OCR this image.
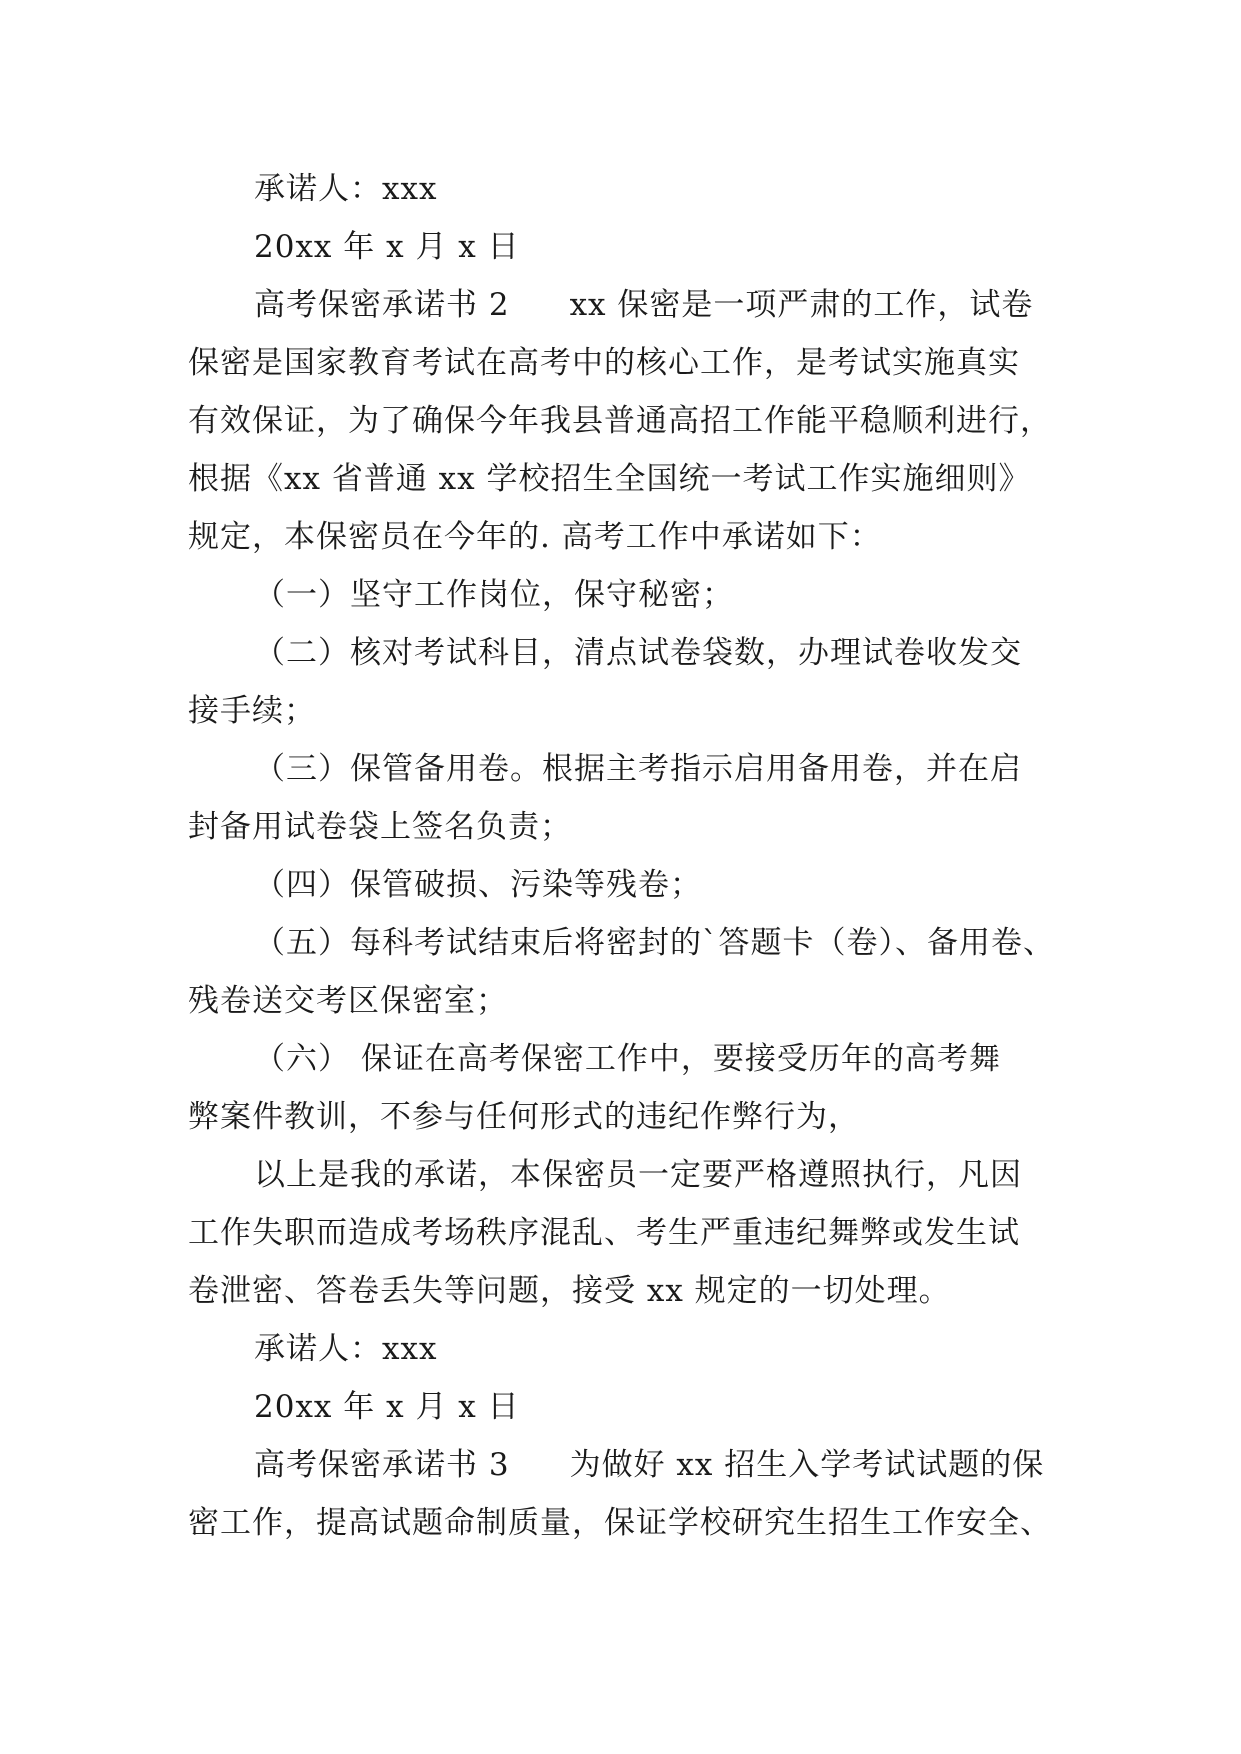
承诺人：xxx
20xx 年 x 月 x 日
高考保密承诺书 2 xx 保密是一项严肃的工作，试卷
保密是国家教育考试在高考中的核心工作，是考试实施真实
有效保证，为了确保今年我县普通高招工作能平稳顺利进行，
根据《xx 省普通 xx 学校招生全国统一考试工作实施细则》
规定，本保密员在今年的. 高考工作中承诺如下：
（一）坚守工作岗位，保守秘密；
（二）核对考试科目，清点试卷袋数，办理试卷收发交
接手续；
（三）保管备用卷。根据主考指示启用备用卷，并在启
封备用试卷袋上签名负责；
（四）保管破损、污染等残卷；
（五）每科考试结束后将密封的`答题卡（卷）、备用卷、
残卷送交考区保密室；
（六） 保证在高考保密工作中，要接受历年的高考舞
弊案件教训，不参与任何形式的违纪作弊行为，
以上是我的承诺，本保密员一定要严格遵照执行，凡因
工作失职而造成考场秩序混乱、考生严重违纪舞弊或发生试
卷泄密、答卷丢失等问题，接受 xx 规定的一切处理。
承诺人：xxx
20xx 年 x 月 x 日
高考保密承诺书 3 为做好 xx 招生入学考试试题的保
密工作，提高试题命制质量，保证学校研究生招生工作安全、
